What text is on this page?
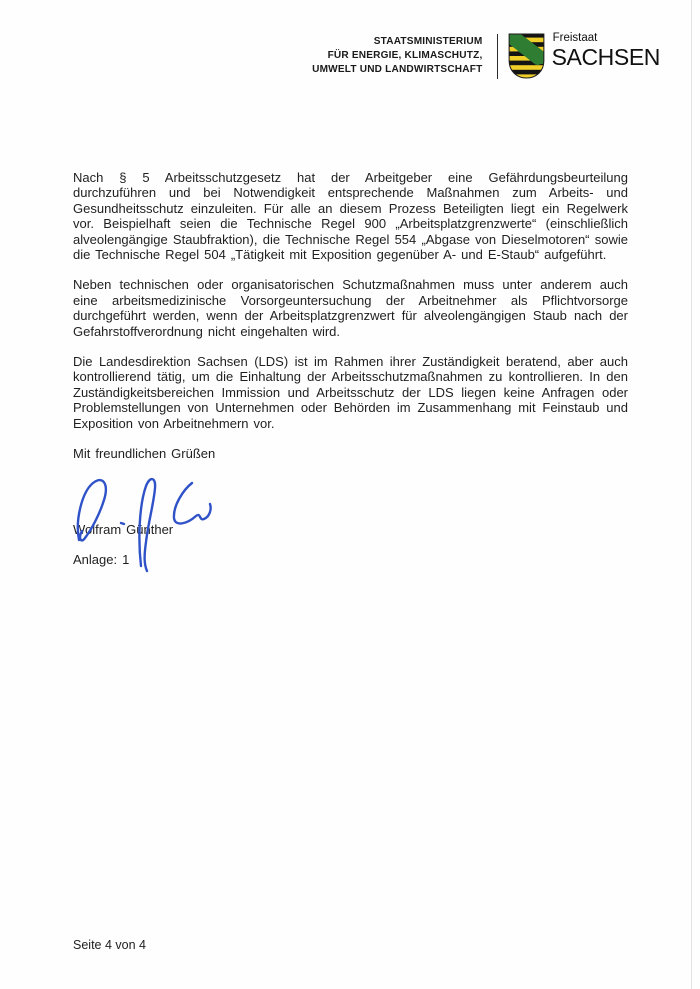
STAATSMINISTERIUM
FÜR ENERGIE, KLIMASCHUTZ,
UMWELT UND LANDWIRTSCHAFT
Freistaat
SACHSEN

Nach § 5 Arbeitsschutzgesetz hat der Arbeitgeber eine Gefährdungsbeurteilung durchzuführen und bei Notwendigkeit entsprechende Maßnahmen zum Arbeits- und Gesundheitsschutz einzuleiten. Für alle an diesem Prozess Beteiligten liegt ein Regelwerk vor. Beispielhaft seien die Technische Regel 900 „Arbeitsplatzgrenzwerte“ (einschließlich alveolengängige Staubfraktion), die Technische Regel 554 „Abgase von Dieselmotoren“ sowie die Technische Regel 504 „Tätigkeit mit Exposition gegenüber A- und E-Staub“ aufgeführt.

Neben technischen oder organisatorischen Schutzmaßnahmen muss unter anderem auch eine arbeitsmedizinische Vorsorgeuntersuchung der Arbeitnehmer als Pflichtvorsorge durchgeführt werden, wenn der Arbeitsplatzgrenzwert für alveolengängigen Staub nach der Gefahrstoffverordnung nicht eingehalten wird.

Die Landesdirektion Sachsen (LDS) ist im Rahmen ihrer Zuständigkeit beratend, aber auch kontrollierend tätig, um die Einhaltung der Arbeitsschutzmaßnahmen zu kontrollieren. In den Zuständigkeitsbereichen Immission und Arbeitsschutz der LDS liegen keine Anfragen oder Problemstellungen von Unternehmen oder Behörden im Zusammenhang mit Feinstaub und Exposition von Arbeitnehmern vor.

Mit freundlichen Grüßen
Wolfram Günther
Anlage: 1
Seite 4 von 4
